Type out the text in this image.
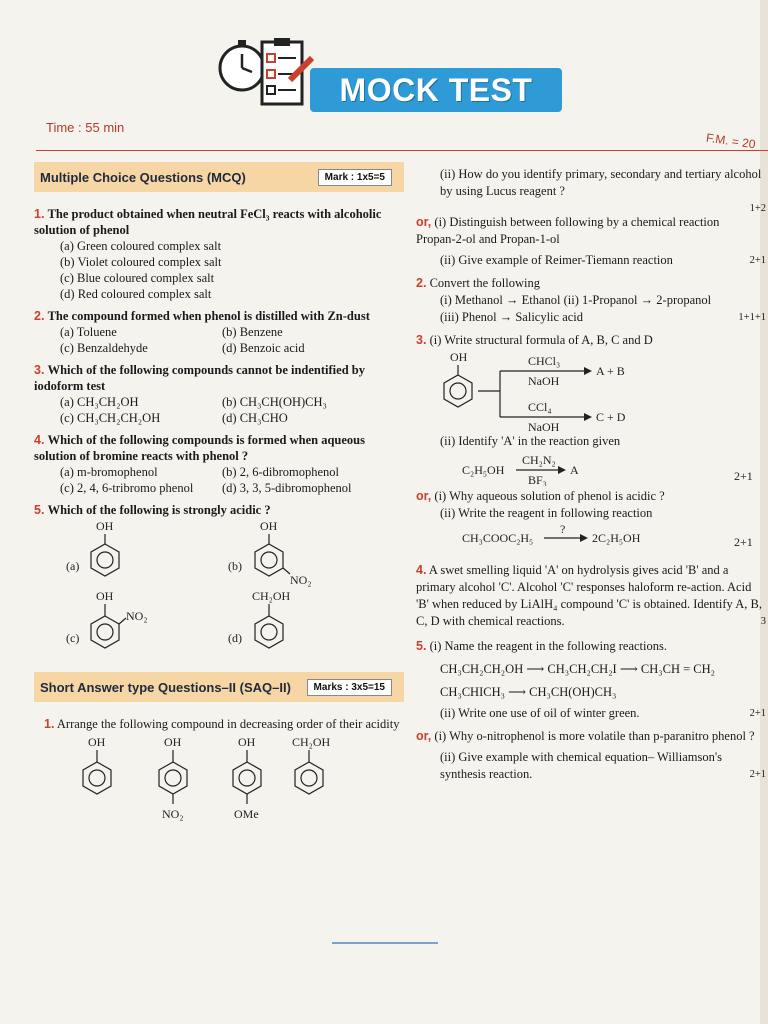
MOCK TEST
Time : 55 min
F.M. = 20
Multiple Choice Questions (MCQ)	Mark : 1x5=5
1. The product obtained when neutral FeCl₃ reacts with alcoholic solution of phenol
(a) Green coloured complex salt
(b) Violet coloured complex salt
(c) Blue coloured complex salt
(d) Red coloured complex salt
2. The compound formed when phenol is distilled with Zn-dust
(a) Toluene	(b) Benzene
(c) Benzaldehyde	(d) Benzoic acid
3. Which of the following compounds cannot be indentified by iodoform test
(a) CH₃CH₂OH	(b) CH₃CH(OH)CH₃
(c) CH₃CH₂CH₂OH	(d) CH₃CHO
4. Which of the following compounds is formed when aqueous solution of bromine reacts with phenol ?
(a) m-bromophenol	(b) 2, 6-dibromophenol
(c) 2, 4, 6-tribromo phenol	(d) 3, 3, 5-dibromophenol
5. Which of the following is strongly acidic ?
(a)
OH
(b)
OH
NO₂
(c)
OH
NO₂
(d)
CH₂OH
Short Answer type Questions–II (SAQ–II)	Marks : 3x5=15
1. Arrange the following compound in decreasing order of their acidity
OH	OH
NO₂
OH
OMe
CH₂OH
(ii) How do you identify primary, secondary and tertiary alcohol by using Lucus reagent ?
1+2
or, (i) Distinguish between following by a chemical reaction Propan-2-ol and Propan-1-ol
(ii) Give example of Reimer-Tiemann reaction	2+1
2. Convert the following
(i) Methanol → Ethanol (ii) 1-Propanol → 2-propanol
(iii) Phenol → Salicylic acid	1+1+1
3. (i) Write structural formula of A, B, C and D
OH	CHCl₃
NaOH
A + B
CCl₄
NaOH
C + D
(ii) Identify 'A' in the reaction given
C₂H₅OH
CH₂N₂
BF₃
A	2+1
or, (i) Why aqueous solution of phenol is acidic ?
(ii) Write the reagent in following reaction
CH₃COOC₂H₅
?
2C₂H₅OH	2+1
4. A swet smelling liquid 'A' on hydrolysis gives acid 'B' and a primary alcohol 'C'. Alcohol 'C' responses haloform re-action. Acid 'B' when reduced by LiAlH₄ compound 'C' is obtained. Identify A, B, C, D with chemical reactions.	3
5. (i) Name the reagent in the following reactions.
CH₃CH₂CH₂OH ⟶ CH₃CH₂CH₂I ⟶ CH₃CH = CH₂
CH₃CHICH₃ ⟶ CH₃CH(OH)CH₃
(ii) Write one use of oil of winter green.	2+1
or, (i) Why o-nitrophenol is more volatile than p-paranitro phenol ?
(ii) Give example with chemical equation– Williamson's synthesis reaction.	2+1
